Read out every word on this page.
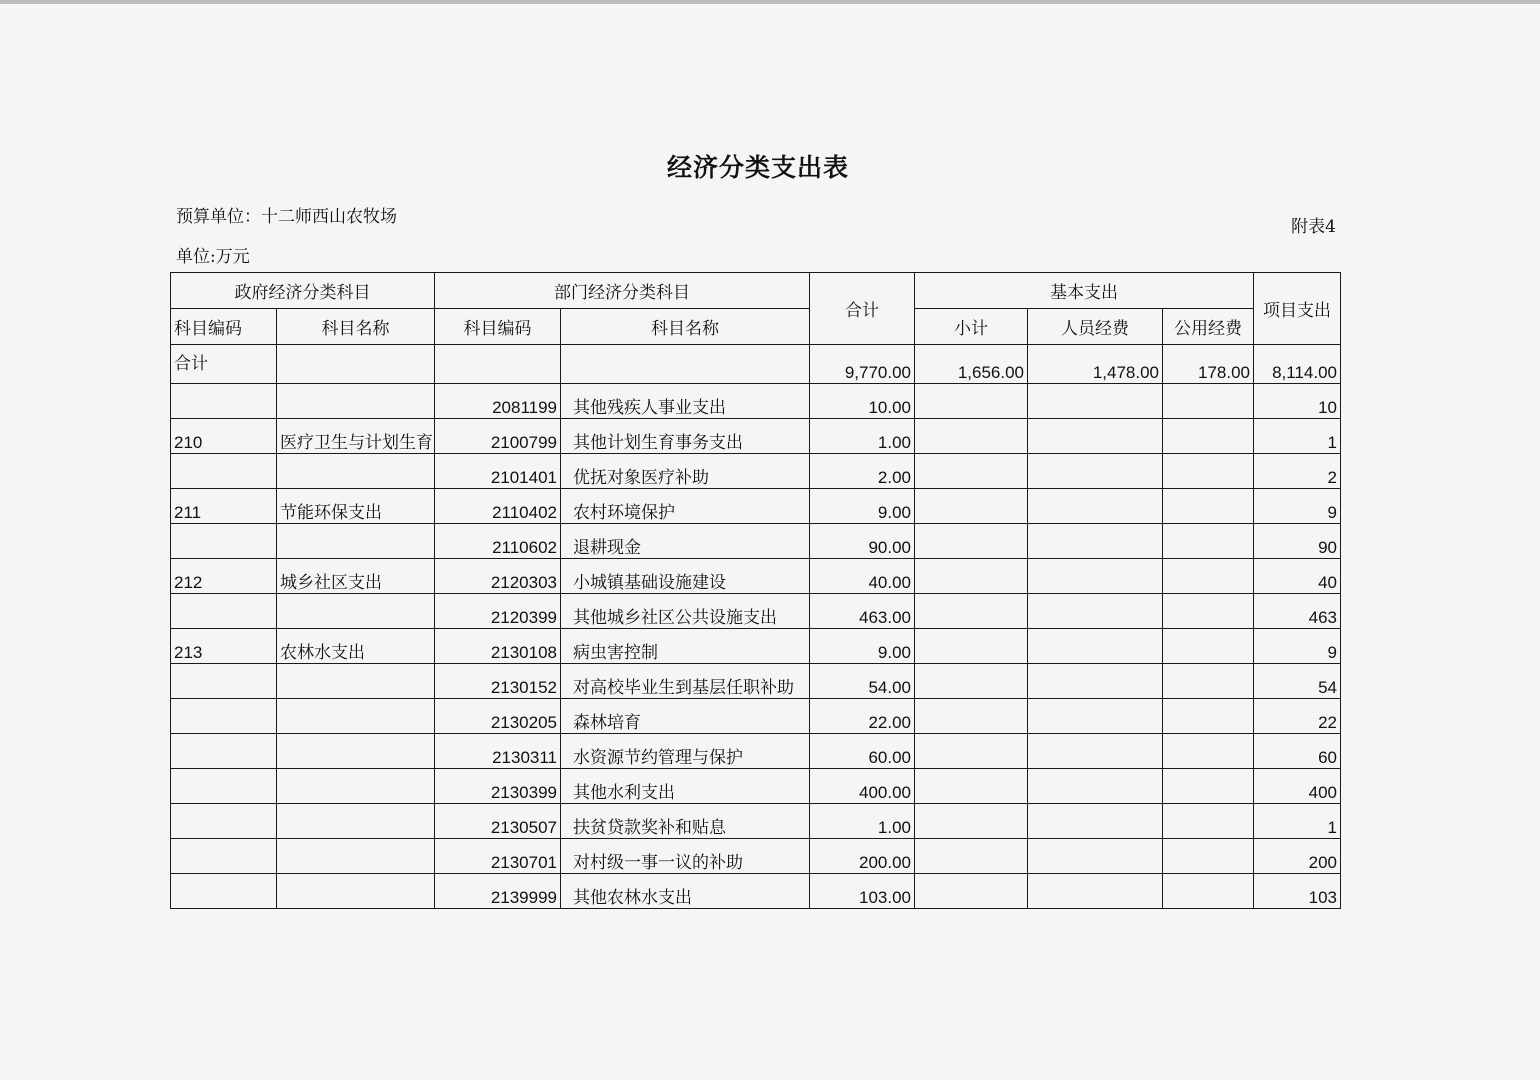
经济分类支出表
预算单位：十二师西山农牧场	附表4
单位:万元
政府经济分类科目		部门经济分类科目		合计	基本支出			项目支出
科目编码	科目名称	科目编码	科目名称		小计	人员经费	公用经费	
合计				9,770.00	1,656.00	1,478.00	178.00	8,114.00
		2081199	其他残疾人事业支出	10.00				10
210	医疗卫生与计划生育	2100799	其他计划生育事务支出	1.00				1
		2101401	优抚对象医疗补助	2.00				2
211	节能环保支出	2110402	农村环境保护	9.00				9
		2110602	退耕现金	90.00				90
212	城乡社区支出	2120303	小城镇基础设施建设	40.00				40
		2120399	其他城乡社区公共设施支出	463.00				463
213	农林水支出	2130108	病虫害控制	9.00				9
		2130152	对高校毕业生到基层任职补助	54.00				54
		2130205	森林培育	22.00				22
		2130311	水资源节约管理与保护	60.00				60
		2130399	其他水利支出	400.00				400
		2130507	扶贫贷款奖补和贴息	1.00				1
		2130701	对村级一事一议的补助	200.00				200
		2139999	其他农林水支出	103.00				103
